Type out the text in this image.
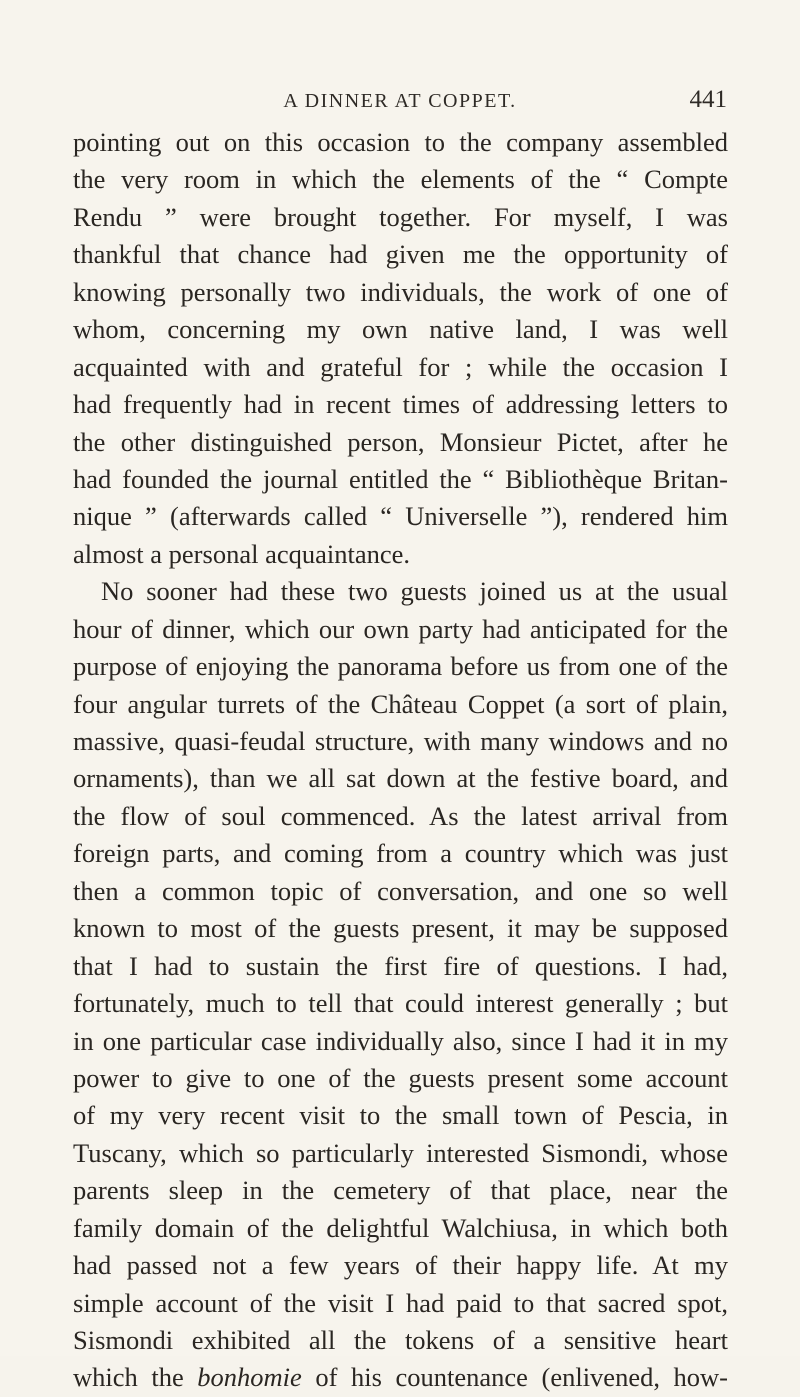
A DINNER AT COPPET.	441
pointing out on this occasion to the company assembled
the very room in which the elements of the “ Compte
Rendu ” were brought together. For myself, I was
thankful that chance had given me the opportunity of
knowing personally two individuals, the work of one of
whom, concerning my own native land, I was well
acquainted with and grateful for ; while the occasion I
had frequently had in recent times of addressing letters to
the other distinguished person, Monsieur Pictet, after he
had founded the journal entitled the “ Bibliothèque Britan-
nique ” (afterwards called “ Universelle ”), rendered him
almost a personal acquaintance.
No sooner had these two guests joined us at the usual
hour of dinner, which our own party had anticipated for the
purpose of enjoying the panorama before us from one of the
four angular turrets of the Château Coppet (a sort of plain,
massive, quasi-feudal structure, with many windows and no
ornaments), than we all sat down at the festive board, and
the flow of soul commenced. As the latest arrival from
foreign parts, and coming from a country which was just
then a common topic of conversation, and one so well
known to most of the guests present, it may be supposed
that I had to sustain the first fire of questions. I had,
fortunately, much to tell that could interest generally ; but
in one particular case individually also, since I had it in my
power to give to one of the guests present some account
of my very recent visit to the small town of Pescia, in
Tuscany, which so particularly interested Sismondi, whose
parents sleep in the cemetery of that place, near the
family domain of the delightful Walchiusa, in which both
had passed not a few years of their happy life. At my
simple account of the visit I had paid to that sacred spot,
Sismondi exhibited all the tokens of a sensitive heart
which the bonhomie of his countenance (enlivened, how-
